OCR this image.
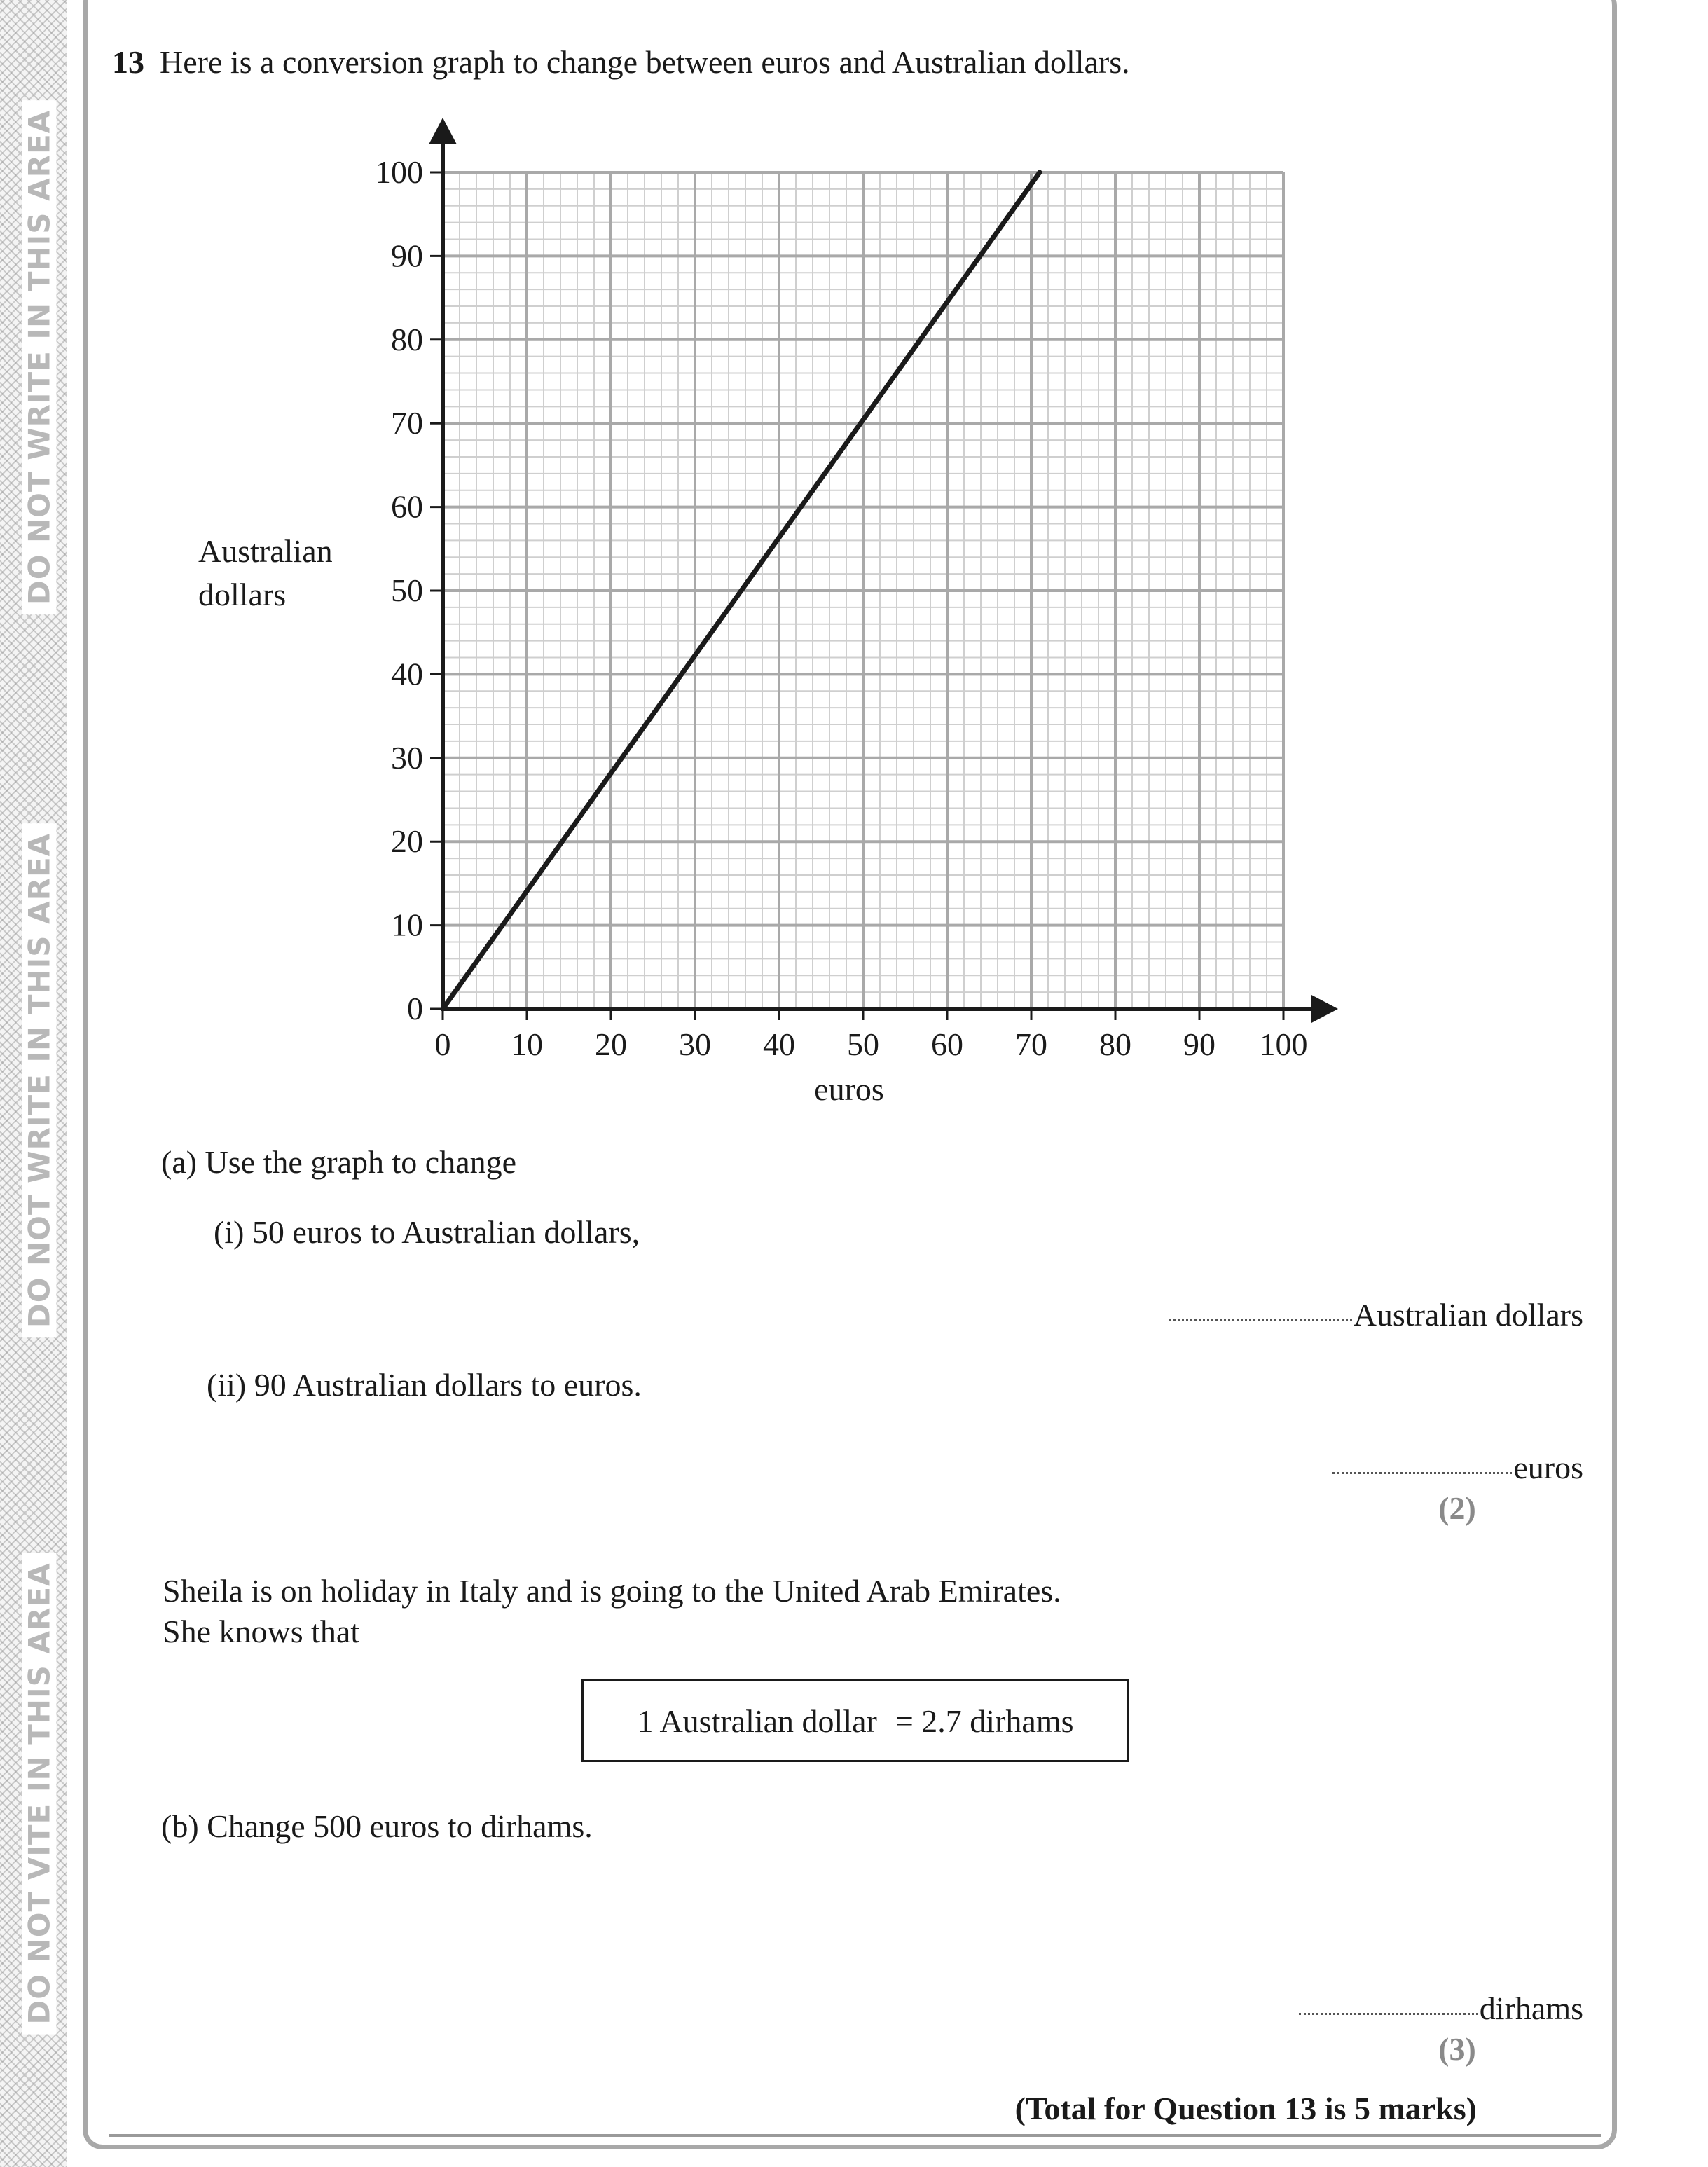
DO NOT WRITE IN THIS AREA
DO NOT WRITE IN THIS AREA
DO NOT VITE IN THIS AREA
13 Here is a conversion graph to change between euros and Australian dollars.
Australian
dollars
0 10 20 30 40 50 60 70 80 90 100
0
10
20
30
40
50
60
70
80
90
100
euros
(a) Use the graph to change
(i) 50 euros to Australian dollars,
Australian dollars
(ii) 90 Australian dollars to euros.
euros
(2)
Sheila is on holiday in Italy and is going to the United Arab Emirates.
She knows that
1 Australian dollar = 2.7 dirhams
(b) Change 500 euros to dirhams.
dirhams
(3)
(Total for Question 13 is 5 marks)
